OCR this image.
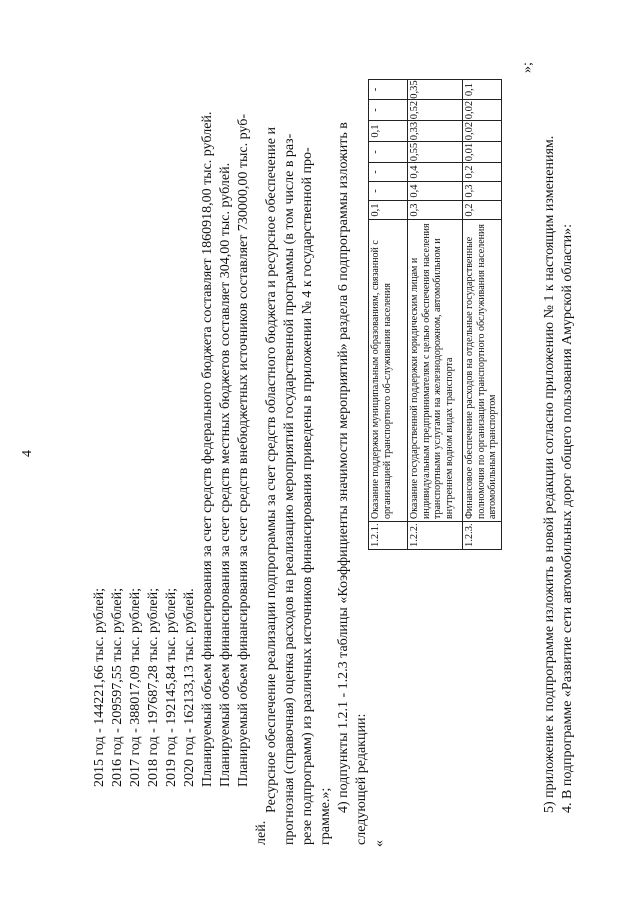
4
2015 год - 144221,66 тыс. рублей; 2016 год - 209597,55 тыс. рублей; 2017 год - 388017,09 тыс. рублей; 2018 год - 197687,28 тыс. рублей; 2019 год - 192145,84 тыс. рублей; 2020 год - 162133,13 тыс. рублей. Планируемый объем финансирования за счет средств федерального бюджета составляет 1860918,00 тыс. рублей. Планируемый объем финансирования за счет средств местных бюджетов составляет 304,00 тыс. рублей. Планируемый объем финансирования за счет средств внебюджетных источников составляет 730000,00 тыс. руб-
лей.
Ресурсное обеспечение реализации подпрограммы за счет средств областного бюджета и ресурсное обеспечение и прогнозная (справочная) оценка расходов на реализацию мероприятий государственной программы (в том числе в раз- резе подпрограмм) из различных источников финансирования приведены в приложении № 4 к государственной про- грамме.»;
4) подпункты 1.2.1 - 1.2.3 таблицы «Коэффициенты значимости мероприятий» раздела 6 подпрограммы изложить в следующей редакции: «
1.2.1.	Оказание поддержки муниципальным образованиям, связанной с организацией транспортного об-служивания населения	0,1	-	-	-	0,1	-	-
1.2.2.	Оказание государственной поддержки юридическим лицам и индивидуальным предпринимателям с целью обеспечения населения транспортными услугами на железнодорожном, автомобильном и внутреннем водном видах транспорта	0,3	0,4	0,4	0,55	0,33	0,52	0,35
1.2.3.	Финансовое обеспечение расходов на отдельные государственные полномочия по организации транспортного обслуживания населения автомобильным транспортом	0,2	0,3	0,2	0,01	0,02	0,02	0,1
»;
5) приложение к подпрограмме изложить в новой редакции согласно приложению № 1 к настоящим изменениям. 4. В подпрограмме «Развитие сети автомобильных дорог общего пользования Амурской области»:
